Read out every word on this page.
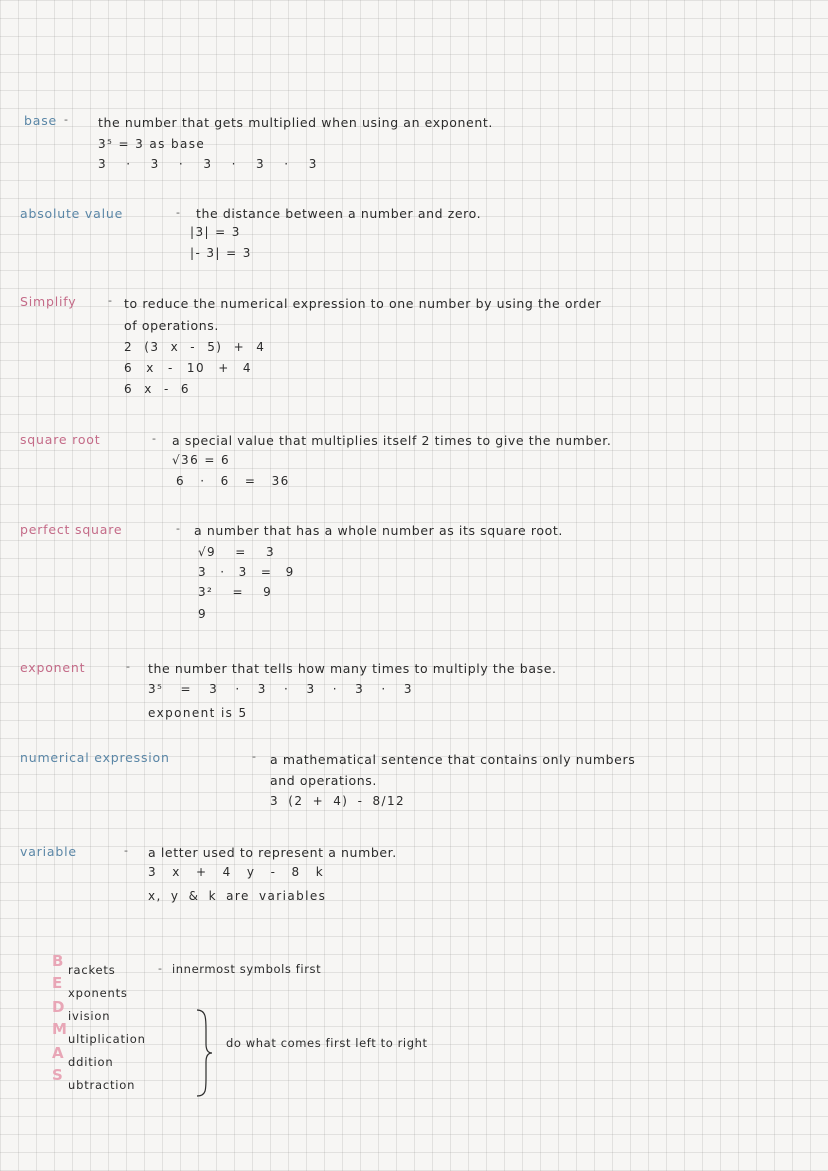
base - the number that gets multiplied when using an exponent.
3⁵ = 3 as base
3 · 3 · 3 · 3 · 3
absolute value	- the distance between a number and zero.
|3| = 3
|- 3| = 3
Simplify	- to reduce the numerical expression to one number by using the order
of operations.
2 (3 x - 5) + 4
6 x - 10 + 4
6 x - 6
square root	- a special value that multiplies itself 2 times to give the number.
√36 = 6
6 · 6 = 36
perfect square	- a number that has a whole number as its square root.
√9 = 3
3 · 3 = 9
3² = 9
9
exponent	- the number that tells how many times to multiply the base.
3⁵ = 3 · 3 · 3 · 3 · 3
exponent is 5
numerical expression	- a mathematical sentence that contains only numbers
and operations.
3 (2 + 4) - 8/12
variable	- a letter used to represent a number.
3 x + 4 y - 8 k
x, y & k are variables
B rackets	- innermost symbols first
E
xponents
D ivision
M
ultiplication
A ddition
S
ubtraction
do what comes first left to right
